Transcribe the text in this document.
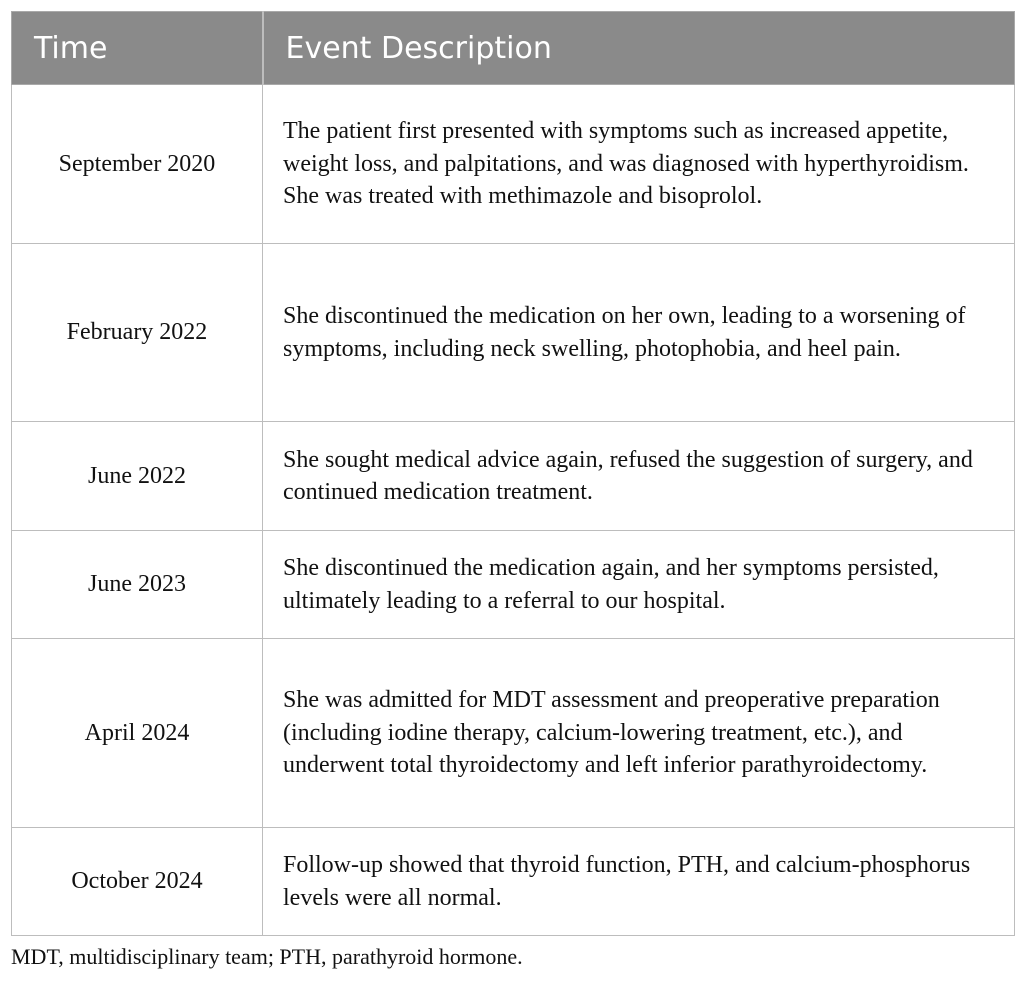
Time	Event Description
September 2020	The patient first presented with symptoms such as increased appetite, weight loss, and palpitations, and was diagnosed with hyperthyroidism. She was treated with methimazole and bisoprolol.
February 2022	She discontinued the medication on her own, leading to a worsening of symptoms, including neck swelling, photophobia, and heel pain.
June 2022	She sought medical advice again, refused the suggestion of surgery, and continued medication treatment.
June 2023	She discontinued the medication again, and her symptoms persisted, ultimately leading to a referral to our hospital.
April 2024	She was admitted for MDT assessment and preoperative preparation (including iodine therapy, calcium-lowering treatment, etc.), and underwent total thyroidectomy and left inferior parathyroidectomy.
October 2024	Follow-up showed that thyroid function, PTH, and calcium-phosphorus levels were all normal.
MDT, multidisciplinary team; PTH, parathyroid hormone.
